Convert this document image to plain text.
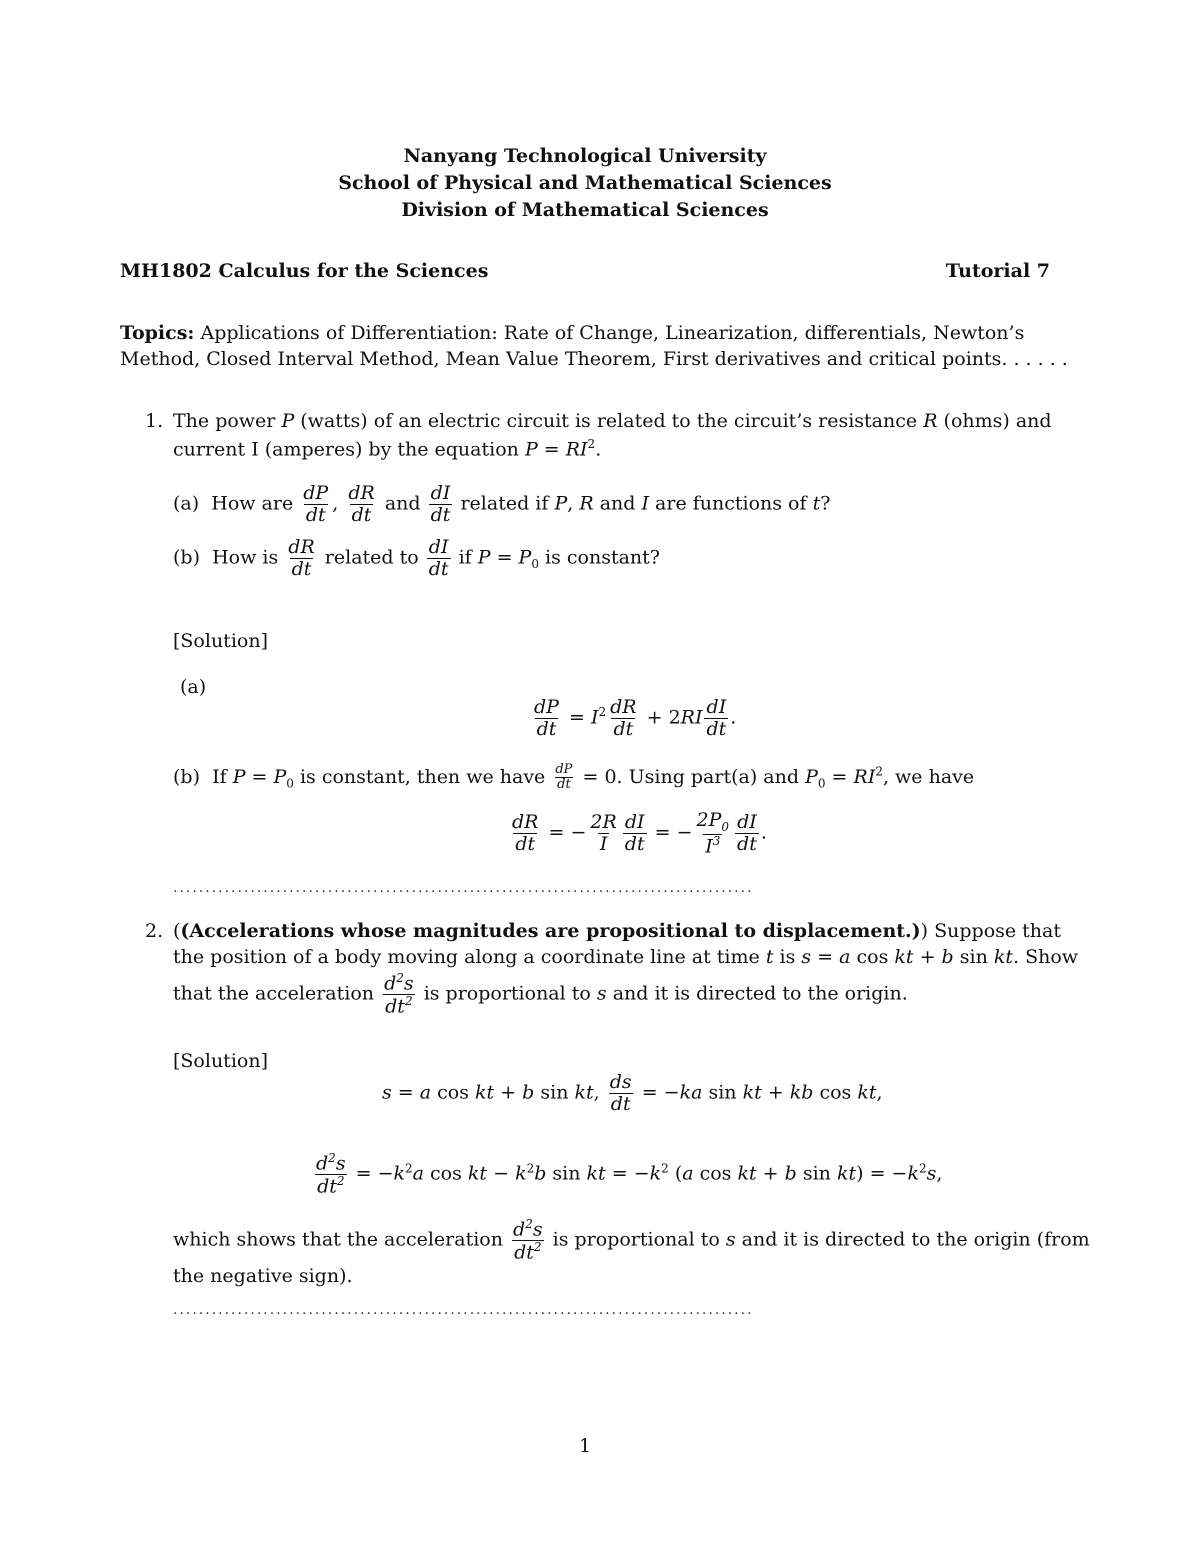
Nanyang Technological University
School of Physical and Mathematical Sciences
Division of Mathematical Sciences
MH1802 Calculus for the Sciences	Tutorial 7
Topics: Applications of Differentiation: Rate of Change, Linearization, differentials, Newton’s
Method, Closed Interval Method, Mean Value Theorem, First derivatives and critical points. . . . . .
1. The power P (watts) of an electric circuit is related to the circuit’s resistance R (ohms) and
current I (amperes) by the equation $P = RI^2$.
(a) How are $\frac{dP}{dt}$ , $\frac{dR}{dt}$ and $\frac{dI}{dt}$ related if P, R and I are functions of t?
(b) How is $\frac{dR}{dt}$ related to $\frac{dI}{dt}$ if $P = P_0$ is constant?
[Solution]
(a)
$\frac{dP}{dt} = I^2 \frac{dR}{dt} + 2RI \frac{dI}{dt}$ .
(b) If $P = P_0$ is constant, then we have $\frac{dP}{dt} = 0$. Using part(a) and $P_0 = RI^2$, we have
$\frac{dR}{dt}$ = − $\frac{2R}{I} \frac{dI}{dt}$ = − $\frac{2P_0}{I^3} \frac{dI}{dt}$ .
..........................................................................................
2. ((Accelerations whose magnitudes are propositional to displacement.)) Suppose that
the position of a body moving along a coordinate line at time t is s = a cos kt + b sin kt. Show
that the acceleration $\frac{d^2s}{dt^2}$ is proportional to s and it is directed to the origin.
[Solution]
s = a cos kt + b sin kt, $\frac{ds}{dt} = -ka$ sin kt + kb cos kt,
$\frac{d^2s}{dt^2} = -k^2a$ cos kt − $k^2b$ sin kt = $-k^2$ (a cos kt + b $\sin kt) = -k^2s$,
which shows that the acceleration $\frac{d^2s}{dt^2}$ is proportional to s and it is directed to the origin (from
the negative sign).
..........................................................................................
1
